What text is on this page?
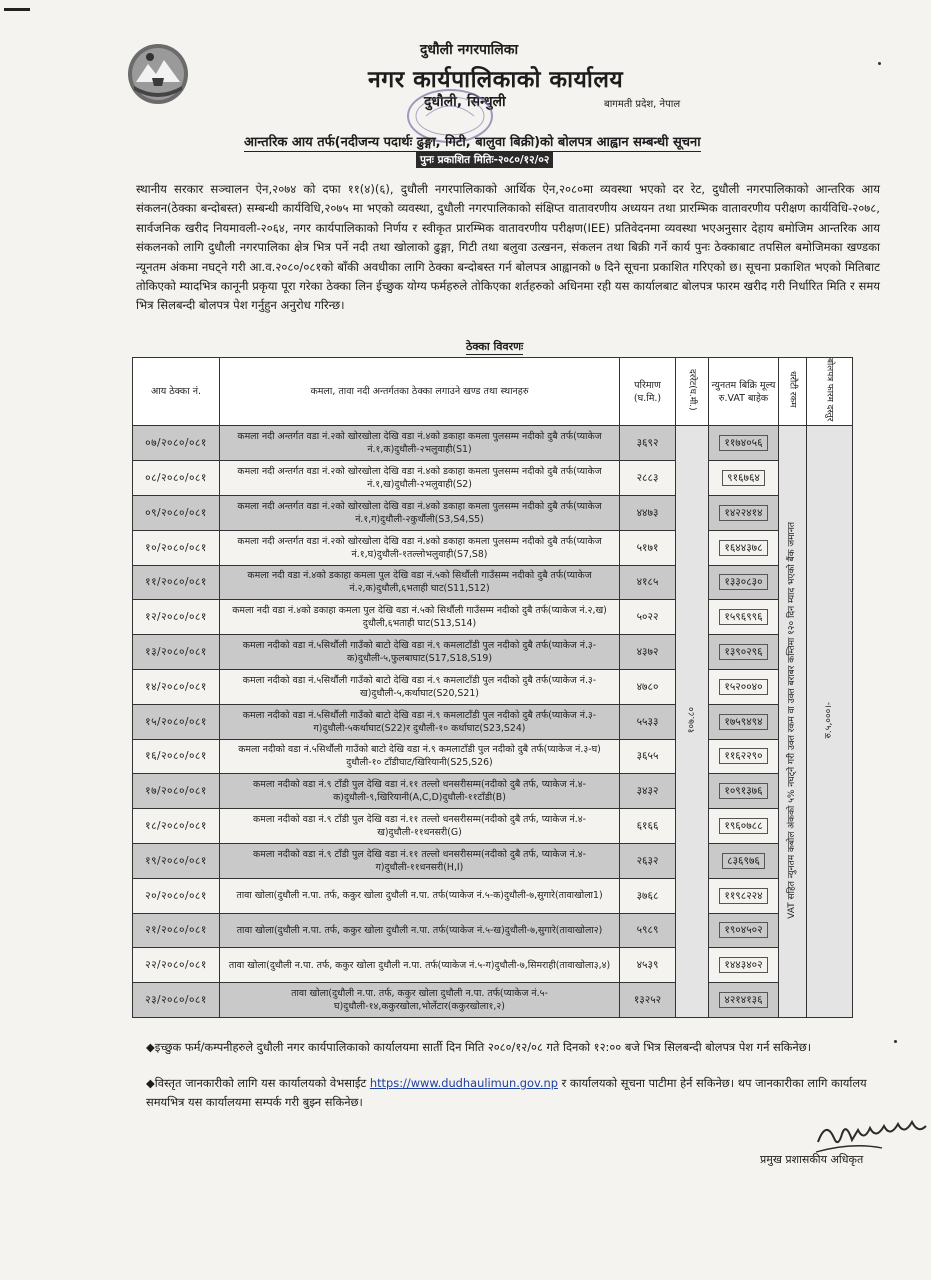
दुधौली नगरपालिका
नगर कार्यपालिकाको कार्यालय
दुधौली, सिन्धुली	बागमती प्रदेश, नेपाल
आन्तरिक आय तर्फ(नदीजन्य पदार्थः ढुङ्गा, गिटी, बालुवा बिक्री)को बोलपत्र आह्वान सम्बन्धी सूचना
पुनः प्रकाशित मितिः-२०८०/१२/०२
स्थानीय सरकार सञ्चालन ऐन,२०७४ को दफा ११(४)(६), दुधौली नगरपालिकाको आर्थिक ऐन,२०८०मा व्यवस्था भएको दर रेट, दुधौली नगरपालिकाको आन्तरिक आय संकलन(ठेक्का बन्दोबस्त) सम्बन्धी कार्यविधि,२०७५ मा भएको व्यवस्था, दुधौली नगरपालिकाको संक्षिप्त वातावरणीय अध्ययन तथा प्रारम्भिक वातावरणीय परीक्षण कार्यविधि-२०७८, सार्वजनिक खरीद नियमावली-२०६४, नगर कार्यपालिकाको निर्णय र स्वीकृत प्रारम्भिक वातावरणीय परीक्षण(IEE) प्रतिवेदनमा व्यवस्था भएअनुसार देहाय बमोजिम आन्तरिक आय संकलनको लागि दुधौली नगरपालिका क्षेत्र भित्र पर्ने नदी तथा खोलाको ढुङ्गा, गिटी तथा बलुवा उत्खनन, संकलन तथा बिक्री गर्ने कार्य पुनः ठेक्काबाट तपसिल बमोजिमका खण्डका न्यूनतम अंकमा नघट्ने गरी आ.व.२०८०/०८१को बाँकी अवधीका लागि ठेक्का बन्दोबस्त गर्न बोलपत्र आह्वानको ७ दिने सूचना प्रकाशित गरिएको छ। सूचना प्रकाशित भएको मितिबाट तोकिएको म्यादभित्र कानूनी प्रकृया पूरा गरेका ठेक्का लिन ईच्छुक योग्य फर्महरुले तोकिएका शर्तहरुको अधिनमा रही यस कार्यालबाट बोलपत्र फारम खरीद गरी निर्धारित मिति र समय भित्र सिलबन्दी बोलपत्र पेश गर्नुहुन अनुरोध गरिन्छ।
ठेक्का विवरणः
आय ठेक्का नं.	कमला, तावा नदी अन्तर्गतका ठेक्का लगाउने खण्ड तथा स्थानहरु	परिमाण (घ.मि.)	दररेट(घ.मी.)	न्युनतम बिक्रि मूल्य रु.VAT बाहेक	धरौटी रकम	बोलपत्र फारम दस्तुर
०७/२०८०/०८१	कमला नदी अन्तर्गत वडा नं.२को खोरखोला देखि वडा नं.४को डकाहा कमला पुलसम्म नदीको दुबै तर्फ(प्याकेज नं.१,क)दुधौली-२भलुवाही(S1)	३६९२	१०७.८०	११७४०५६	VAT सहित न्युनतम कबोल अंकको ५% नघट्ने गरी उक्त रकम वा उक्त बराबर कम्तिमा १२० दिन म्याद भएको बैंक जमानत	रु.५,०००।-
०८/२०८०/०८१	कमला नदी अन्तर्गत वडा नं.२को खोरखोला देखि वडा नं.४को डकाहा कमला पुलसम्म नदीको दुबै तर्फ(प्याकेज नं.१,ख)दुधौली-२भलुवाही(S2)	२८८३		९१६७६४		
०९/२०८०/०८१	कमला नदी अन्तर्गत वडा नं.२को खोरखोला देखि वडा नं.४को डकाहा कमला पुलसम्म नदीको दुबै तर्फ(प्याकेज नं.१,ग)दुधौली-२कुर्थौली(S3,S4,S5)	४४७३		१४२२४१४		
१०/२०८०/०८१	कमला नदी अन्तर्गत वडा नं.२को खोरखोला देखि वडा नं.४को डकाहा कमला पुलसम्म नदीको दुबै तर्फ(प्याकेज नं.१,घ)दुधौली-१तल्लोभलुवाही(S7,S8)	५१७१		१६४४३७८		
११/२०८०/०८१	कमला नदी वडा नं.४को डकाहा कमला पुल देखि वडा नं.५को सिर्थौली गाउँसम्म नदीको दुबै तर्फ(प्याकेज नं.२,क)दुधौली,६भताही घाट(S11,S12)	४१८५		१३३०८३०		
१२/२०८०/०८१	कमला नदी वडा नं.४को डकाहा कमला पुल देखि वडा नं.५को सिर्थौली गाउँसम्म नदीको दुबै तर्फ(प्याकेज नं.२,ख) दुधौली,६भताही घाट(S13,S14)	५०२२		१५९६९९६		
१३/२०८०/०८१	कमला नदीको वडा नं.५सिर्थौली गाउँको बाटो देखि वडा नं.९ कमलाटाँडी पुल नदीको दुबै तर्फ(प्याकेज नं.३-क)दुधौली-५,फुलबाघाट(S17,S18,S19)	४३७२		१३९०२९६		
१४/२०८०/०८१	कमला नदीको वडा नं.५सिर्थौली गाउँको बाटो देखि वडा नं.९ कमलाटाँडी पुल नदीको दुबै तर्फ(प्याकेज नं.३-ख)दुधौली-५,कर्थाघाट(S20,S21)	४७८०		१५२००४०		
१५/२०८०/०८१	कमला नदीको वडा नं.५सिर्थौली गाउँको बाटो देखि वडा नं.९ कमलाटाँडी पुल नदीको दुबै तर्फ(प्याकेज नं.३-ग)दुधौली-५कर्थाघाट(S22)र दुधौली-१० कर्थाघाट(S23,S24)	५५३३		१७५९४९४		
१६/२०८०/०८१	कमला नदीको वडा नं.५सिर्थौली गाउँको बाटो देखि वडा नं.९ कमलाटाँडी पुल नदीको दुबै तर्फ(प्याकेज नं.३-घ) दुधौली-१० टाँडीघाट/खिरियानी(S25,S26)	३६५५		११६२२९०		
१७/२०८०/०८१	कमला नदीको वडा नं.९ टाँडी पुल देखि वडा नं.११ तल्लो धनसरीसम्म(नदीको दुबै तर्फ, प्याकेज नं.४-क)दुधौली-९,खिरियानी(A,C,D)दुधौली-११टाँडी(B)	३४३२		१०९१३७६		
१८/२०८०/०८१	कमला नदीको वडा नं.९ टाँडी पुल देखि वडा नं.११ तल्लो धनसरीसम्म(नदीको दुबै तर्फ, प्याकेज नं.४-ख)दुधौली-११धनसरी(G)	६१६६		१९६०७८८		
१९/२०८०/०८१	कमला नदीको वडा नं.९ टाँडी पुल देखि वडा नं.११ तल्लो धनसरीसम्म(नदीको दुबै तर्फ, प्याकेज नं.४-ग)दुधौली-११धनसरी(H,I)	२६३२		८३६९७६		
२०/२०८०/०८१	तावा खोला(दुधौली न.पा. तर्फ, ककुर खोला दुधौली न.पा. तर्फ(प्याकेज नं.५-क)दुधौली-७,सुगारे(तावाखोला1)	३७६८		११९८२२४		
२१/२०८०/०८१	तावा खोला(दुधौली न.पा. तर्फ, ककुर खोला दुधौली न.पा. तर्फ(प्याकेज नं.५-ख)दुधौली-७,सुगारे(तावाखोला२)	५९८९		१९०४५०२		
२२/२०८०/०८१	तावा खोला(दुधौली न.पा. तर्फ, ककुर खोला दुधौली न.पा. तर्फ(प्याकेज नं.५-ग)दुधौली-७,सिमराही(तावाखोला३,४)	४५३९		१४४३४०२		
२३/२०८०/०८१	तावा खोला(दुधौली न.पा. तर्फ, ककुर खोला दुधौली न.पा. तर्फ(प्याकेज नं.५-घ)दुधौली-१४,ककुरखोला,भोर्लेटार(ककुरखोला१,२)	१३२५२		४२१४१३६		
◆इच्छुक फर्म/कम्पनीहरुले दुधौली नगर कार्यपालिकाको कार्यालयमा सार्ती दिन मिति २०८०/१२/०८ गते दिनको १२:०० बजे भित्र सिलबन्दी बोलपत्र पेश गर्न सकिनेछ।
◆विस्तृत जानकारीको लागि यस कार्यालयको वेभसाईट https://www.dudhaulimun.gov.np र कार्यालयको सूचना पाटीमा हेर्न सकिनेछ। थप जानकारीका लागि कार्यालय समयभित्र यस कार्यालयमा सम्पर्क गरी बुझ्न सकिनेछ।
प्रमुख प्रशासकीय अधिकृत
